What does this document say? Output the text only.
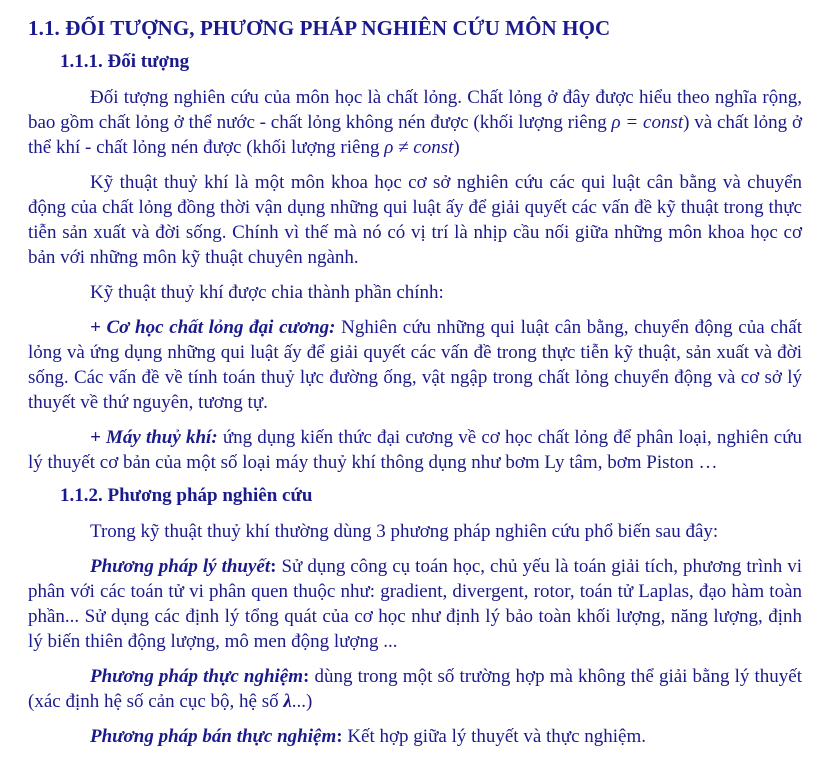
1.1. ĐỐI TƯỢNG, PHƯƠNG PHÁP NGHIÊN CỨU MÔN HỌC
1.1.1. Đối tượng

Đối tượng nghiên cứu của môn học là chất lỏng. Chất lỏng ở đây được hiểu theo nghĩa rộng, bao gồm chất lỏng ở thể nước - chất lỏng không nén được (khối lượng riêng ρ = const) và chất lỏng ở thể khí - chất lỏng nén được (khối lượng riêng ρ ≠ const)

Kỹ thuật thuỷ khí là một môn khoa học cơ sở nghiên cứu các qui luật cân bằng và chuyển động của chất lỏng đồng thời vận dụng những qui luật ấy để giải quyết các vấn đề kỹ thuật trong thực tiễn sản xuất và đời sống. Chính vì thế mà nó có vị trí là nhịp cầu nối giữa những môn khoa học cơ bản với những môn kỹ thuật chuyên ngành.

Kỹ thuật thuỷ khí được chia thành phần chính:

+ Cơ học chất lỏng đại cương: Nghiên cứu những qui luật cân bằng, chuyển động của chất lỏng và ứng dụng những qui luật ấy để giải quyết các vấn đề trong thực tiễn kỹ thuật, sản xuất và đời sống. Các vấn đề về tính toán thuỷ lực đường ống, vật ngập trong chất lỏng chuyển động và cơ sở lý thuyết về thứ nguyên, tương tự.

+ Máy thuỷ khí: ứng dụng kiến thức đại cương về cơ học chất lỏng để phân loại, nghiên cứu lý thuyết cơ bản của một số loại máy thuỷ khí thông dụng như bơm Ly tâm, bơm Piston …

1.1.2. Phương pháp nghiên cứu

Trong kỹ thuật thuỷ khí thường dùng 3 phương pháp nghiên cứu phổ biến sau đây:

Phương pháp lý thuyết: Sử dụng công cụ toán học, chủ yếu là toán giải tích, phương trình vi phân với các toán tử vi phân quen thuộc như: gradient, divergent, rotor, toán tử Laplas, đạo hàm toàn phần... Sử dụng các định lý tổng quát của cơ học như định lý bảo toàn khối lượng, năng lượng, định lý biến thiên động lượng, mô men động lượng ...

Phương pháp thực nghiệm: dùng trong một số trường hợp mà không thể giải bằng lý thuyết (xác định hệ số cản cục bộ, hệ số λ...)

Phương pháp bán thực nghiệm: Kết hợp giữa lý thuyết và thực nghiệm.
